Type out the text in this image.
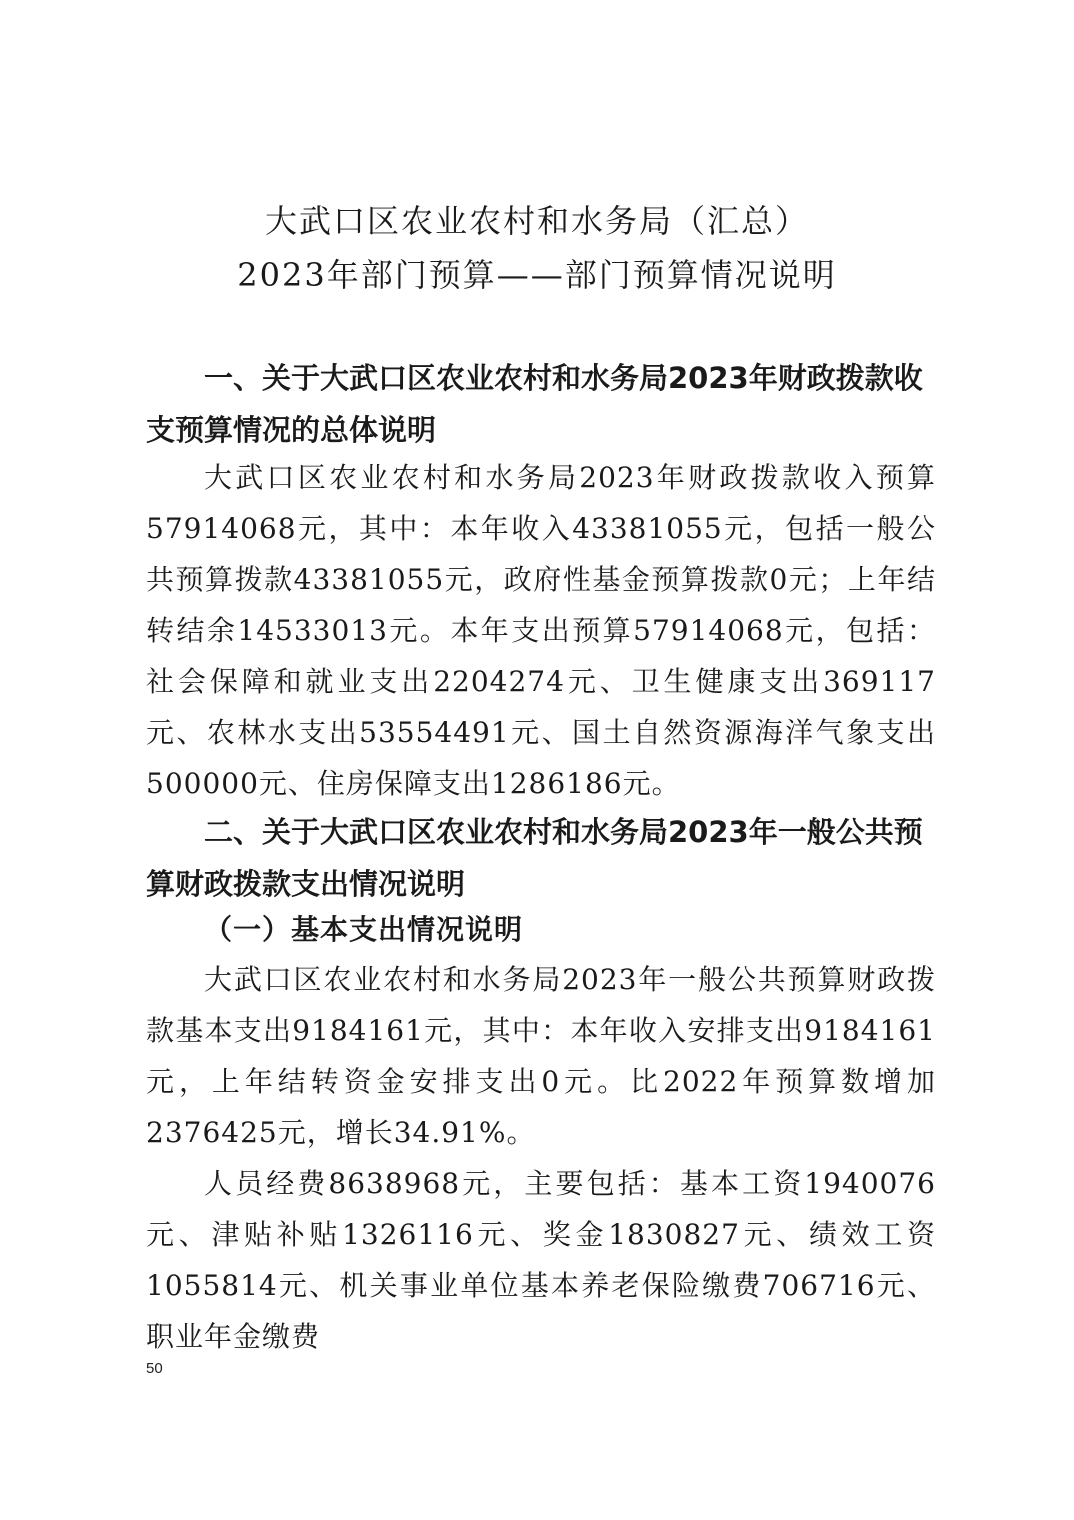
大武口区农业农村和水务局（汇总）
2023年部门预算——部门预算情况说明

一、关于大武口区农业农村和水务局2023年财政拨款收支预算情况的总体说明

大武口区农业农村和水务局2023年财政拨款收入预算57914068元，其中：本年收入43381055元，包括一般公共预算拨款43381055元，政府性基金预算拨款0元；上年结转结余14533013元。本年支出预算57914068元，包括：社会保障和就业支出2204274元、卫生健康支出369117元、农林水支出53554491元、国土自然资源海洋气象支出500000元、住房保障支出1286186元。

二、关于大武口区农业农村和水务局2023年一般公共预算财政拨款支出情况说明

（一）基本支出情况说明

大武口区农业农村和水务局2023年一般公共预算财政拨款基本支出9184161元，其中：本年收入安排支出9184161元，上年结转资金安排支出0元。比2022年预算数增加2376425元，增长34.91%。

人员经费8638968元，主要包括：基本工资1940076元、津贴补贴1326116元、奖金1830827元、绩效工资1055814元、机关事业单位基本养老保险缴费706716元、职业年金缴费

50
